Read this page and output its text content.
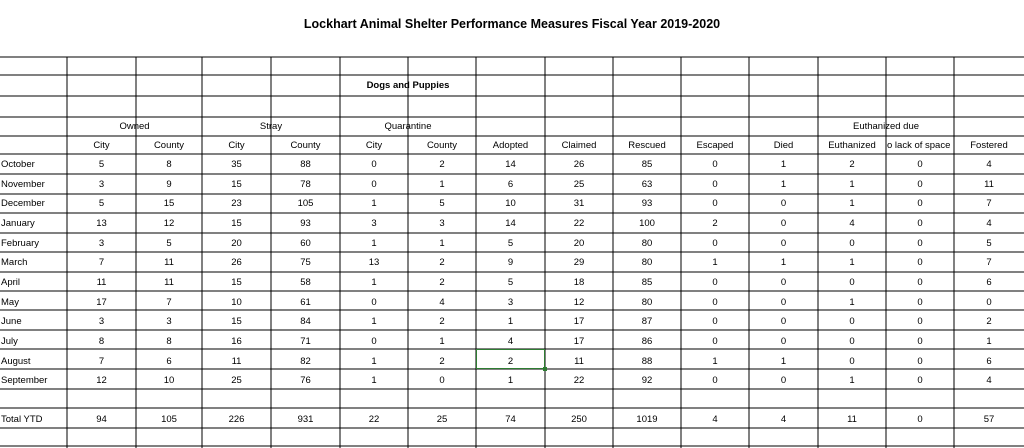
Lockhart Animal Shelter Performance Measures Fiscal Year 2019-2020
Dogs and Puppies
Owned	Stray	Quarantine	Euthanized due
City	County	City	County	City	County	Adopted	Claimed	Rescued	Escaped	Died	Euthanized	o lack of space	Fostered
October	5	8	35	88	0	2	14	26	85	0	1	2	0	4
November	3	9	15	78	0	1	6	25	63	0	1	1	0	11
December	5	15	23	105	1	5	10	31	93	0	0	1	0	7
January	13	12	15	93	3	3	14	22	100	2	0	4	0	4
February	3	5	20	60	1	1	5	20	80	0	0	0	0	5
March	7	11	26	75	13	2	9	29	80	1	1	1	0	7
April	11	11	15	58	1	2	5	18	85	0	0	0	0	6
May	17	7	10	61	0	4	3	12	80	0	0	1	0	0
June	3	3	15	84	1	2	1	17	87	0	0	0	0	2
July	8	8	16	71	0	1	4	17	86	0	0	0	0	1
August	7	6	11	82	1	2	2	11	88	1	1	0	0	6
September	12	10	25	76	1	0	1	22	92	0	0	1	0	4
Total YTD	94	105	226	931	22	25	74	250	1019	4	4	11	0	57
